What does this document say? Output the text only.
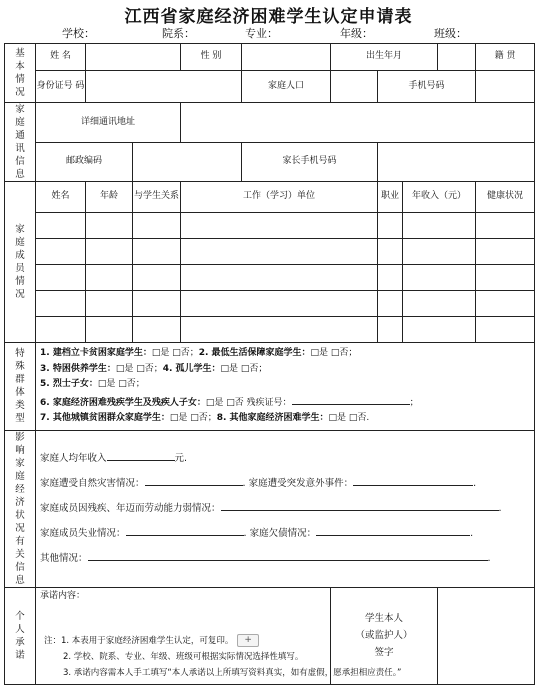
江西省家庭经济困难学生认定申请表
学校：	院系：	专业：	年级：	班级：
基本情况	姓 名			性 别		出生年月				籍 贯
	身份证号 码				家庭人口		手机号码			

家庭通讯信息	详细通讯地址									
	邮政编码				家长手机号码					

家庭成员情况	姓名	年龄	与学生关系	工作（学习）单位			职业	年收入（元）		健康状况

特殊群体类型	1. 建档立卡贫困家庭学生：□是 □否；2. 最低生活保障家庭学生：□是 □否；
3. 特困供养学生：□是 □否；4. 孤儿学生：□是 □否；
5. 烈士子女：□是 □否；
6. 家庭经济困难残疾学生及残疾人子女：□是 □否 残疾证号： ；
7. 其他城镇贫困群众家庭学生：□是 □否；8. 其他家庭经济困难学生：□是 □否.									

影响家庭经济状况有关信息	家庭人均年收入 元.
家庭遭受自然灾害情况： . 家庭遭受突发意外事件： .
家庭成员因残疾、年迈而劳动能力弱情况： .
家庭成员失业情况： . 家庭欠债情况： .
其他情况： .									

个人承诺	承诺内容：					学生本人
（或监护人）
签字				

注：1. 本表用于家庭经济困难学生认定，可复印。 +
2. 学校、院系、专业、年级、班级可根据实际情况选择性填写。
3. 承诺内容需本人手工填写“本人承诺以上所填写资料真实，如有虚假，愿承担相应责任。”
